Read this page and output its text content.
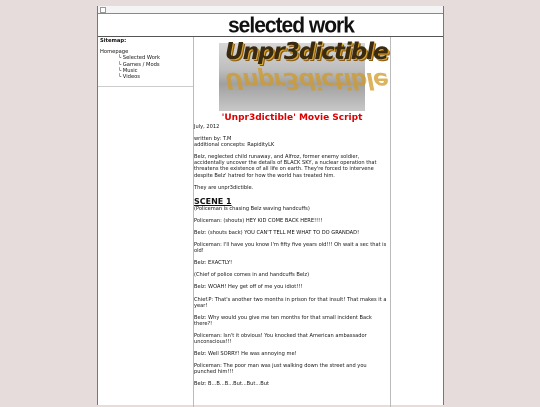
selected work
Sitemap:
Homepage
└ Selected Work
└ Games / Mods
└ Music
└ Videos
Unpr3dictible
Unpr3dictible
'Unpr3dictible' Movie Script
July, 2012
written by: T.M
additional concepts: RapidityLK
Belz, neglected child runaway, and Alfroz, former enemy soldier, accidentally uncover the details of BLACK SKY, a nuclear operation that threatens the existence of all life on earth. They're forced to intervene despite Belz' hatred for how the world has treated him.
They are unpr3dictible.
SCENE 1
(Policeman is chasing Belz waving handcuffs)
Policeman: (shouts) HEY KID COME BACK HERE!!!!
Belz: (shouts back) YOU CAN'T TELL ME WHAT TO DO GRANDAD!
Policeman: I'll have you know I'm fifty five years old!!! Oh wait a sec that is old!
Belz: EXACTLY!
(Chief of police comes in and handcuffs Belz)
Belz: WOAH! Hey get off of me you idiot!!!
Chief.P: That's another two months in prison for that insult! That makes it a year!
Belz: Why would you give me ten months for that small incident Back there?!
Policeman: Isn't it obvious! You knocked that American ambassador unconscious!!!
Belz: Well SORRY! He was annoying me!
Policeman: The poor man was just walking down the street and you punched him!!!
Belz: B...B...B...But...But...But
